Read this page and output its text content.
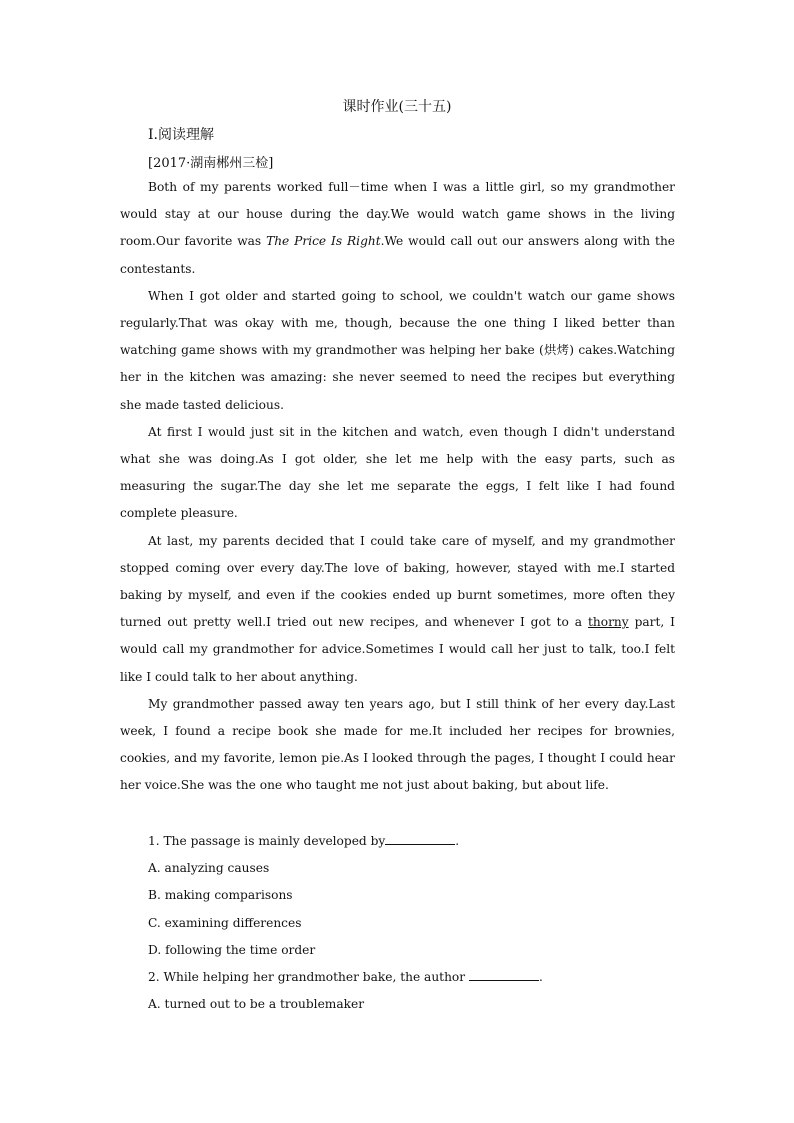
课时作业(三十五)
Ⅰ.阅读理解
[2017·湖南郴州三检]

Both of my parents worked full－time when I was a little girl, so my grandmother would stay at our house during the day.We would watch game shows in the living room.Our favorite was The Price Is Right.We would call out our answers along with the contestants.

When I got older and started going to school, we couldn't watch our game shows regularly.That was okay with me, though, because the one thing I liked better than watching game shows with my grandmother was helping her bake (烘烤) cakes.Watching her in the kitchen was amazing: she never seemed to need the recipes but everything she made tasted delicious.

At first I would just sit in the kitchen and watch, even though I didn't understand what she was doing.As I got older, she let me help with the easy parts, such as measuring the sugar.The day she let me separate the eggs, I felt like I had found complete pleasure.

At last, my parents decided that I could take care of myself, and my grandmother stopped coming over every day.The love of baking, however, stayed with me.I started baking by myself, and even if the cookies ended up burnt sometimes, more often they turned out pretty well.I tried out new recipes, and whenever I got to a thorny part, I would call my grandmother for advice.Sometimes I would call her just to talk, too.I felt like I could talk to her about anything.

My grandmother passed away ten years ago, but I still think of her every day.Last week, I found a recipe book she made for me.It included her recipes for brownies, cookies, and my favorite, lemon pie.As I looked through the pages, I thought I could hear her voice.She was the one who taught me not just about baking, but about life.

1. The passage is mainly developed by	.
A. analyzing causes
B. making comparisons
C. examining differences
D. following the time order
2. While helping her grandmother bake, the author	.
A. turned out to be a troublemaker
